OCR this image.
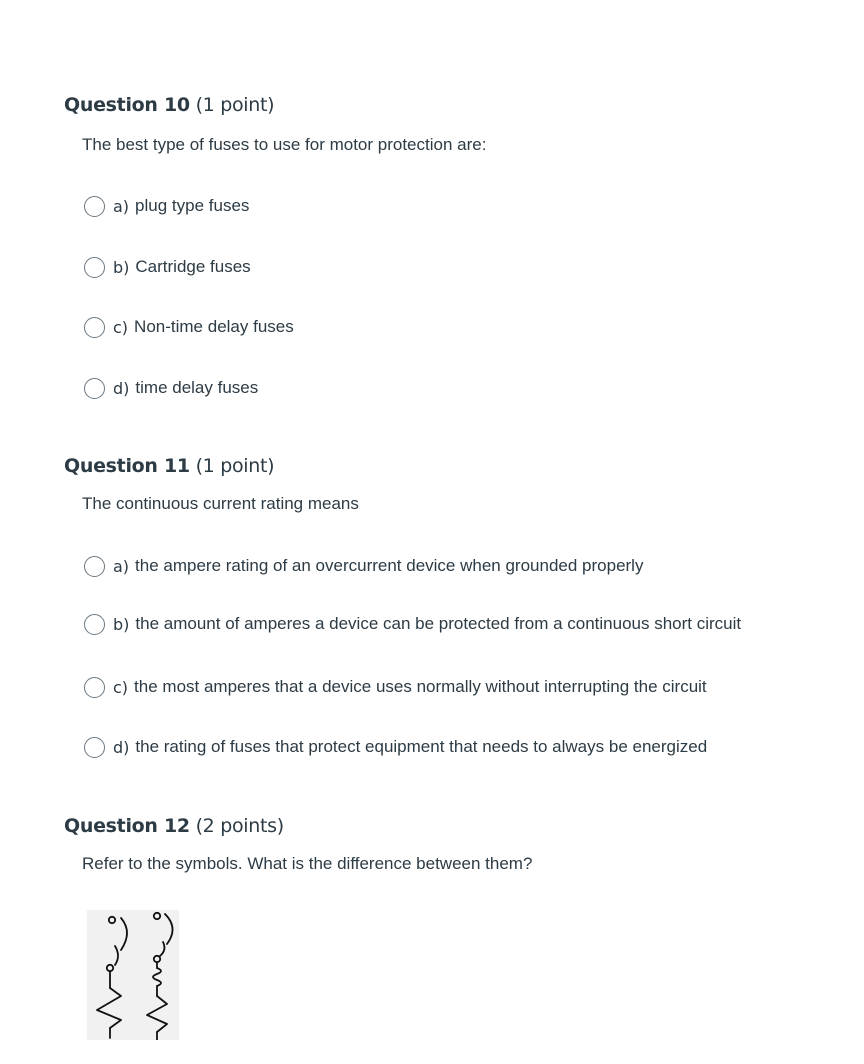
Question 10 (1 point)
The best type of fuses to use for motor protection are:
a) plug type fuses
b) Cartridge fuses
c) Non-time delay fuses
d) time delay fuses
Question 11 (1 point)
The continuous current rating means
a) the ampere rating of an overcurrent device when grounded properly
b) the amount of amperes a device can be protected from a continuous short circuit
c) the most amperes that a device uses normally without interrupting the circuit
d) the rating of fuses that protect equipment that needs to always be energized
Question 12 (2 points)
Refer to the symbols. What is the difference between them?
